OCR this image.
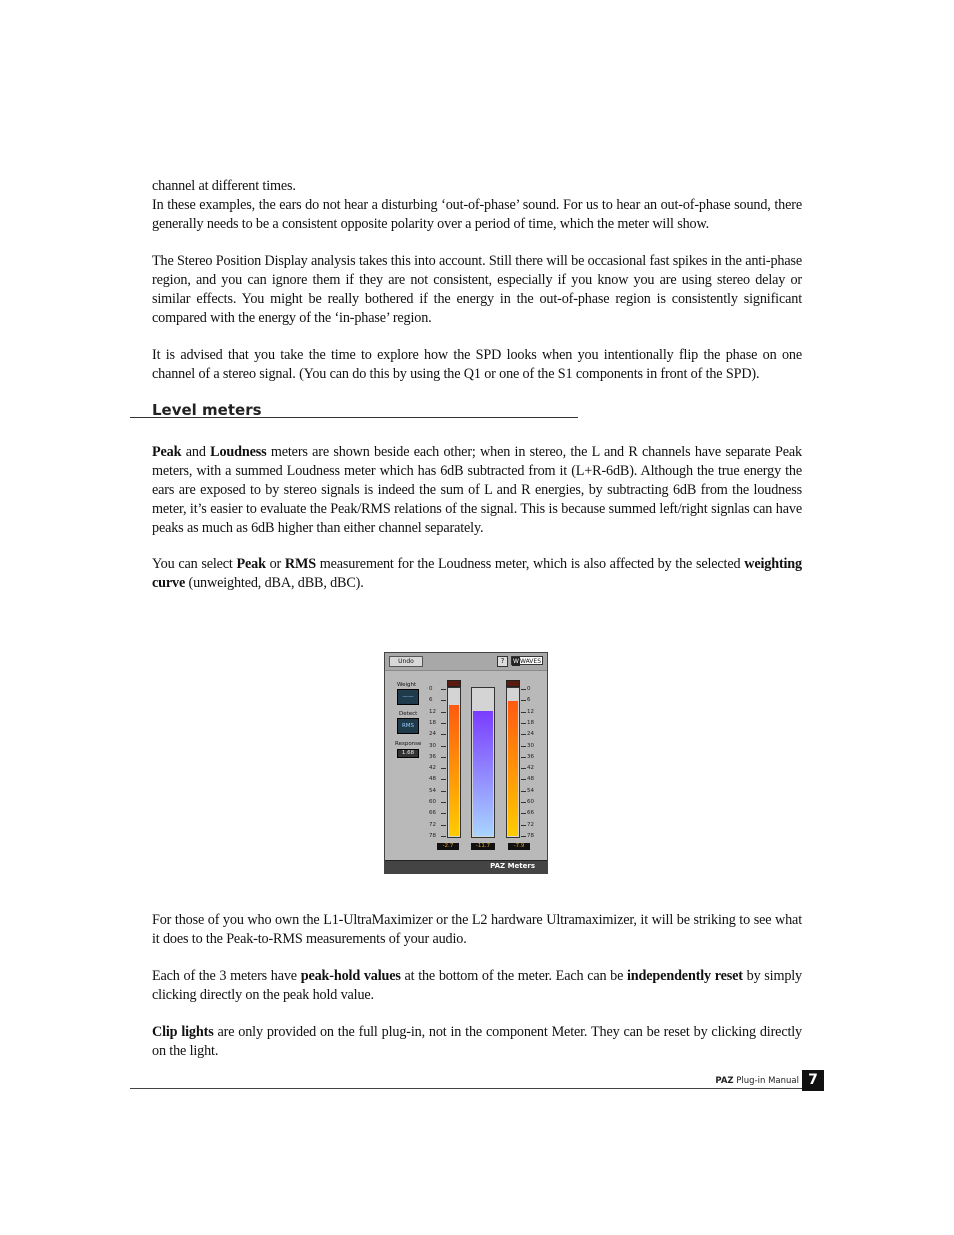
channel at different times.

In these examples, the ears do not hear a disturbing ‘out-of-phase’ sound. For us to hear an out-of-phase sound, there generally needs to be a consistent opposite polarity over a period of time, which the meter will show.

The Stereo Position Display analysis takes this into account. Still there will be occasional fast spikes in the anti-phase region, and you can ignore them if they are not consistent, especially if you know you are using stereo delay or similar effects. You might be really bothered if the energy in the out-of-phase region is consistently significant compared with the energy of the ‘in-phase’ region.

It is advised that you take the time to explore how the SPD looks when you intentionally flip the phase on one channel of a stereo signal. (You can do this by using the Q1 or one of the S1 components in front of the SPD).

Level meters

Peak and Loudness meters are shown beside each other; when in stereo, the L and R channels have separate Peak meters, with a summed Loudness meter which has 6dB subtracted from it (L+R-6dB). Although the true energy the ears are exposed to by stereo signals is indeed the sum of L and R energies, by subtracting 6dB from the loudness meter, it’s easier to evaluate the Peak/RMS relations of the signal. This is because summed left/right signlas can have peaks as much as 6dB higher than either channel separately.

You can select Peak or RMS measurement for the Loudness meter, which is also affected by the selected weighting curve (unweighted, dBA, dBB, dBC).

Undo	?	W WAVES
Weight
——
Detect
RMS
Response
1.68
0
6
12
18
24
30
36
42
48
54
60
66
72
78
0
6
12
18
24
30
36
42
48
54
60
66
72
78
-2.7	-11.7	-7.9
PAZ Meters

For those of you who own the L1-UltraMaximizer or the L2 hardware Ultramaximizer, it will be striking to see what it does to the Peak-to-RMS measurements of your audio.

Each of the 3 meters have peak-hold values at the bottom of the meter. Each can be independently reset by simply clicking directly on the peak hold value.

Clip lights are only provided on the full plug-in, not in the component Meter. They can be reset by clicking directly on the light.

PAZ Plug-in Manual 7
